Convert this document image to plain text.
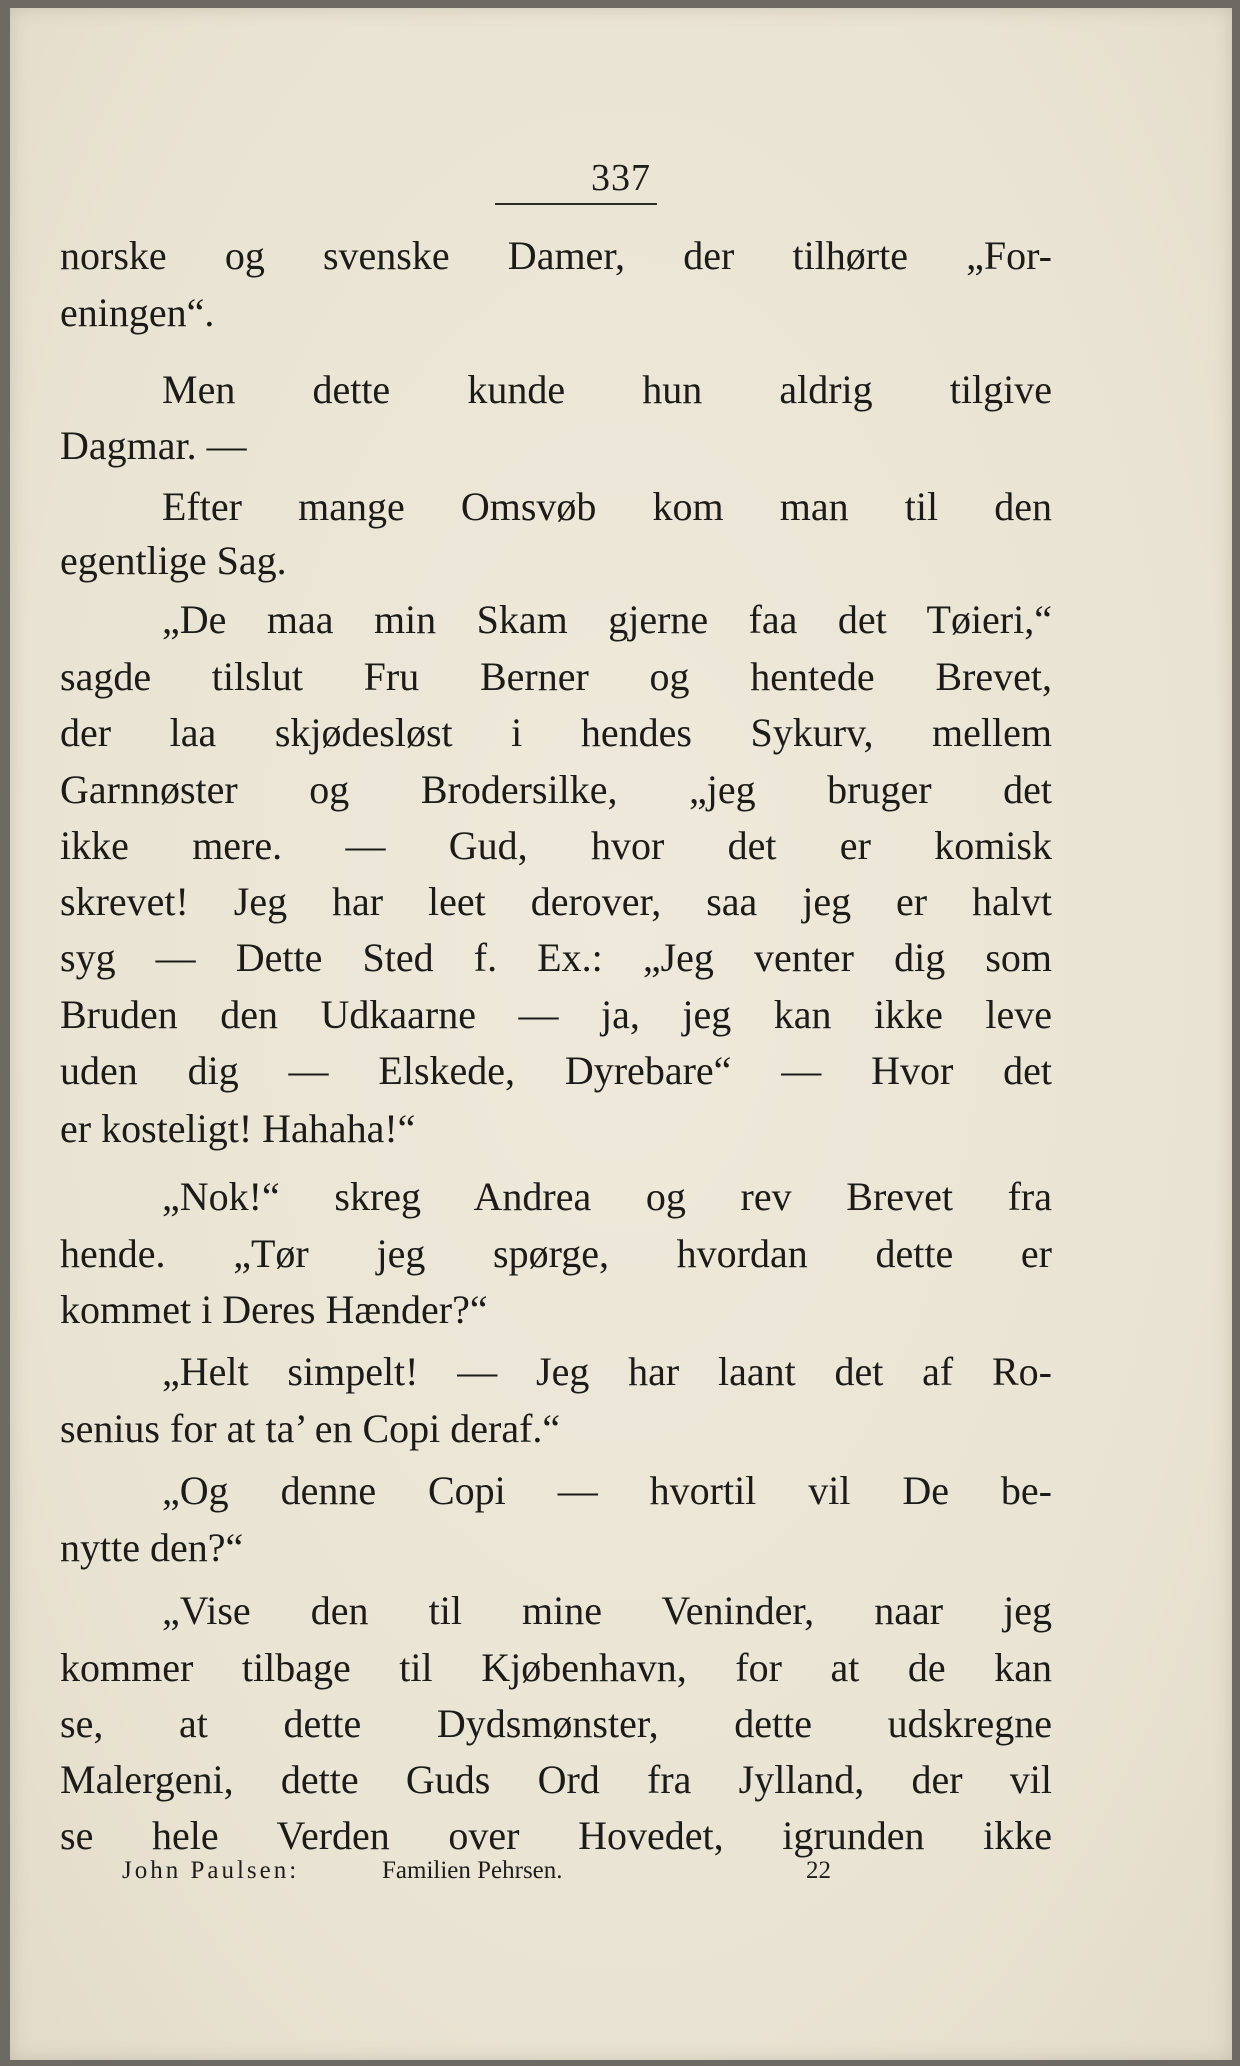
337
norske og svenske Damer, der tilhørte „For-
eningen“.
Men dette kunde hun aldrig tilgive
Dagmar. —
Efter mange Omsvøb kom man til den
egentlige Sag.
„De maa min Skam gjerne faa det Tøieri,“
sagde tilslut Fru Berner og hentede Brevet,
der laa skjødesløst i hendes Sykurv, mellem
Garnnøster og Brodersilke, „jeg bruger det
ikke mere. — Gud, hvor det er komisk
skrevet! Jeg har leet derover, saa jeg er halvt
syg — Dette Sted f. Ex.: „Jeg venter dig som
Bruden den Udkaarne — ja, jeg kan ikke leve
uden dig — Elskede, Dyrebare“ — Hvor det
er kosteligt! Hahaha!“
„Nok!“ skreg Andrea og rev Brevet fra
hende. „Tør jeg spørge, hvordan dette er
kommet i Deres Hænder?“
„Helt simpelt! — Jeg har laant det af Ro-
senius for at ta’ en Copi deraf.“
„Og denne Copi — hvortil vil De be-
nytte den?“
„Vise den til mine Veninder, naar jeg
kommer tilbage til Kjøbenhavn, for at de kan
se, at dette Dydsmønster, dette udskregne
Malergeni, dette Guds Ord fra Jylland, der vil
se hele Verden over Hovedet, igrunden ikke
John Paulsen:	Familien Pehrsen.	22
